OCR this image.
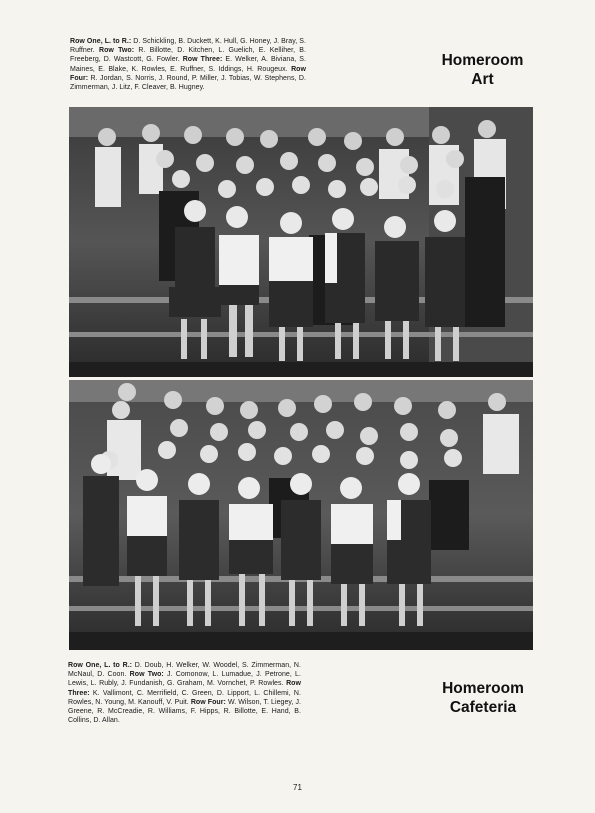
Row One, L. to R.: D. Schickling, B. Duckett, K. Hull, G. Honey, J. Bray, S. Ruffner. Row Two: R. Billotte, D. Kitchen, L. Guelich, E. Kelliher, B. Freeberg, D. Wastcott, G. Fowler. Row Three: E. Welker, A. Biviana, S. Maines, E. Blake, K. Rowles, E. Ruffner, S. Iddings, H. Rougeux. Row Four: R. Jordan, S. Norris, J. Round, P. Miller, J. Tobias, W. Stephens, D. Zimmerman, J. Litz, F. Cleaver, B. Hugney.
Homeroom
Art
Row One, L. to R.: D. Doub, H. Welker, W. Woodel, S. Zimmerman, N. McNaul, D. Coon. Row Two: J. Comonow, L. Lumadue, J. Petrone, L. Lewis, L. Rubly, J. Fundanish, G. Graham, M. Vornchet, P. Rowles. Row Three: K. Vallimont, C. Merrifield, C. Green, D. Lipport, L. Chillemi, N. Rowles, N. Young, M. Kanouff, V. Puit. Row Four: W. Wilson, T. Liegey, J. Greene, R. McCreadie, R. Williams, F. Hipps, R. Billotte, E. Hand, B. Collins, D. Allan.
Homeroom
Cafeteria
71
